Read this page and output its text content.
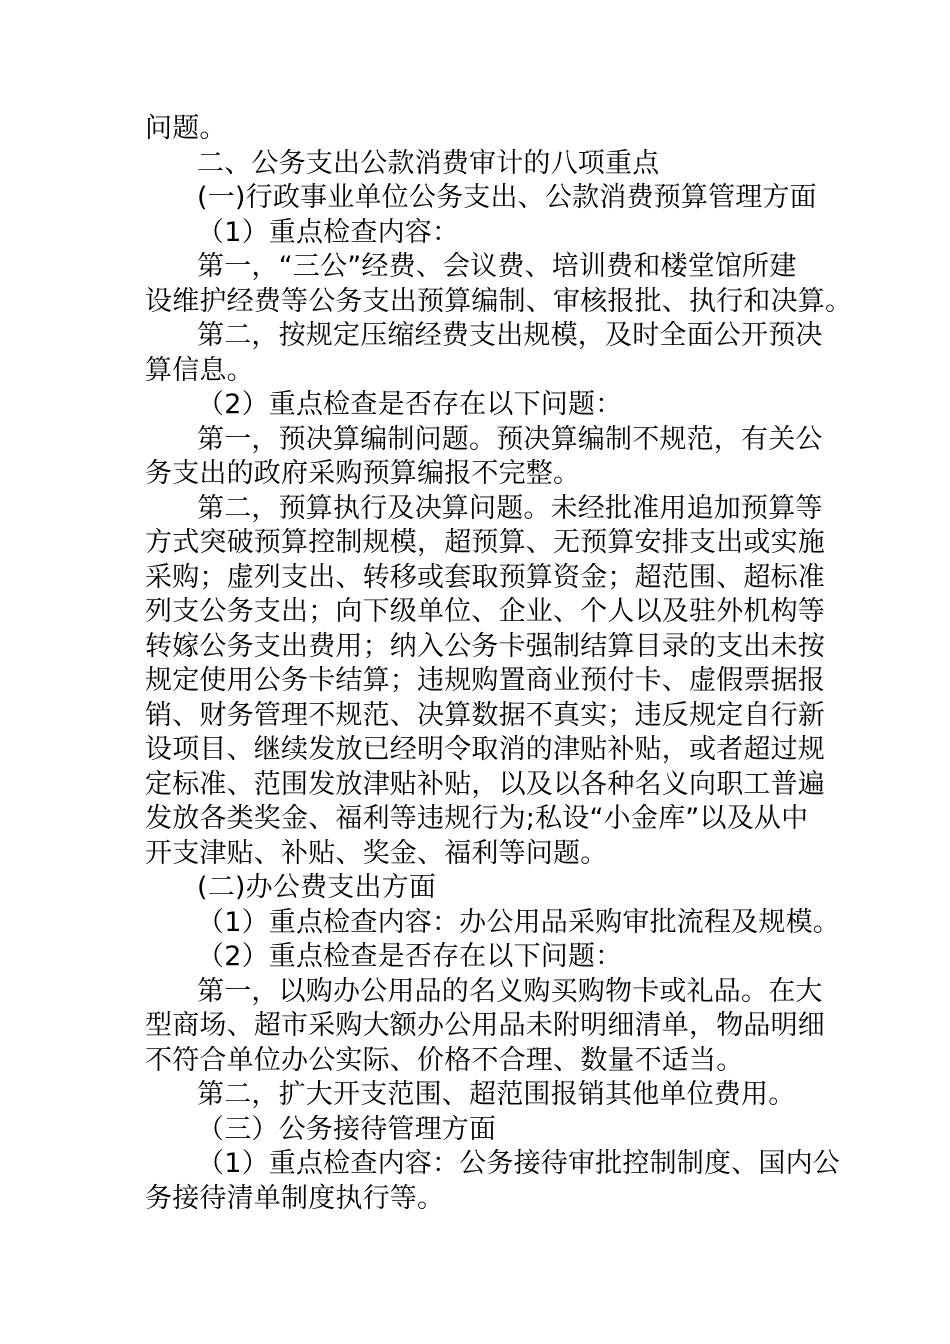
问题。
二、公务支出公款消费审计的八项重点
(一)行政事业单位公务支出、公款消费预算管理方面
（1）重点检查内容：
第一，“三公”经费、会议费、培训费和楼堂馆所建
设维护经费等公务支出预算编制、审核报批、执行和决算。
第二，按规定压缩经费支出规模，及时全面公开预决
算信息。
（2）重点检查是否存在以下问题：
第一，预决算编制问题。预决算编制不规范，有关公
务支出的政府采购预算编报不完整。
第二，预算执行及决算问题。未经批准用追加预算等
方式突破预算控制规模，超预算、无预算安排支出或实施
采购；虚列支出、转移或套取预算资金；超范围、超标准
列支公务支出；向下级单位、企业、个人以及驻外机构等
转嫁公务支出费用；纳入公务卡强制结算目录的支出未按
规定使用公务卡结算；违规购置商业预付卡、虚假票据报
销、财务管理不规范、决算数据不真实；违反规定自行新
设项目、继续发放已经明令取消的津贴补贴，或者超过规
定标准、范围发放津贴补贴，以及以各种名义向职工普遍
发放各类奖金、福利等违规行为;私设“小金库”以及从中
开支津贴、补贴、奖金、福利等问题。
(二)办公费支出方面
（1）重点检查内容：办公用品采购审批流程及规模。
（2）重点检查是否存在以下问题：
第一，以购办公用品的名义购买购物卡或礼品。在大
型商场、超市采购大额办公用品未附明细清单，物品明细
不符合单位办公实际、价格不合理、数量不适当。
第二，扩大开支范围、超范围报销其他单位费用。
（三）公务接待管理方面
（1）重点检查内容：公务接待审批控制制度、国内公
务接待清单制度执行等。
